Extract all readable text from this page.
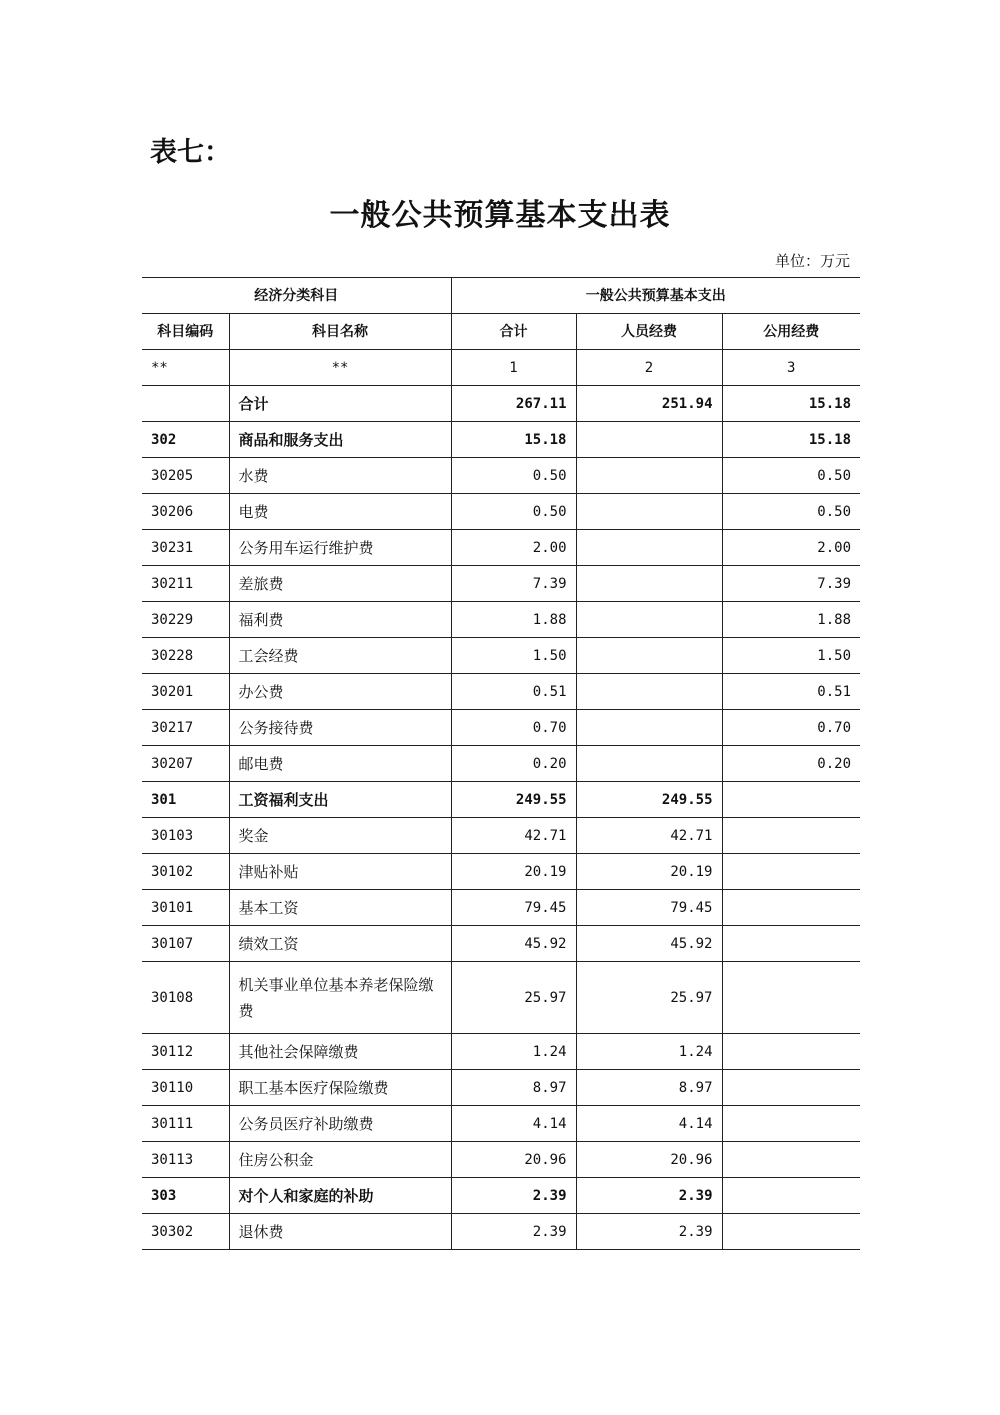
表七：
一般公共预算基本支出表
单位：万元
经济分类科目		一般公共预算基本支出		
科目编码	科目名称	合计	人员经费	公用经费
**	**	1	2	3
	合计	267.11	251.94	15.18
302	商品和服务支出	15.18		15.18
30205	水费	0.50		0.50
30206	电费	0.50		0.50
30231	公务用车运行维护费	2.00		2.00
30211	差旅费	7.39		7.39
30229	福利费	1.88		1.88
30228	工会经费	1.50		1.50
30201	办公费	0.51		0.51
30217	公务接待费	0.70		0.70
30207	邮电费	0.20		0.20
301	工资福利支出	249.55	249.55	
30103	奖金	42.71	42.71	
30102	津贴补贴	20.19	20.19	
30101	基本工资	79.45	79.45	
30107	绩效工资	45.92	45.92	
30108	机关事业单位基本养老保险缴费	25.97	25.97	
30112	其他社会保障缴费	1.24	1.24	
30110	职工基本医疗保险缴费	8.97	8.97	
30111	公务员医疗补助缴费	4.14	4.14	
30113	住房公积金	20.96	20.96	
303	对个人和家庭的补助	2.39	2.39	
30302	退休费	2.39	2.39	
